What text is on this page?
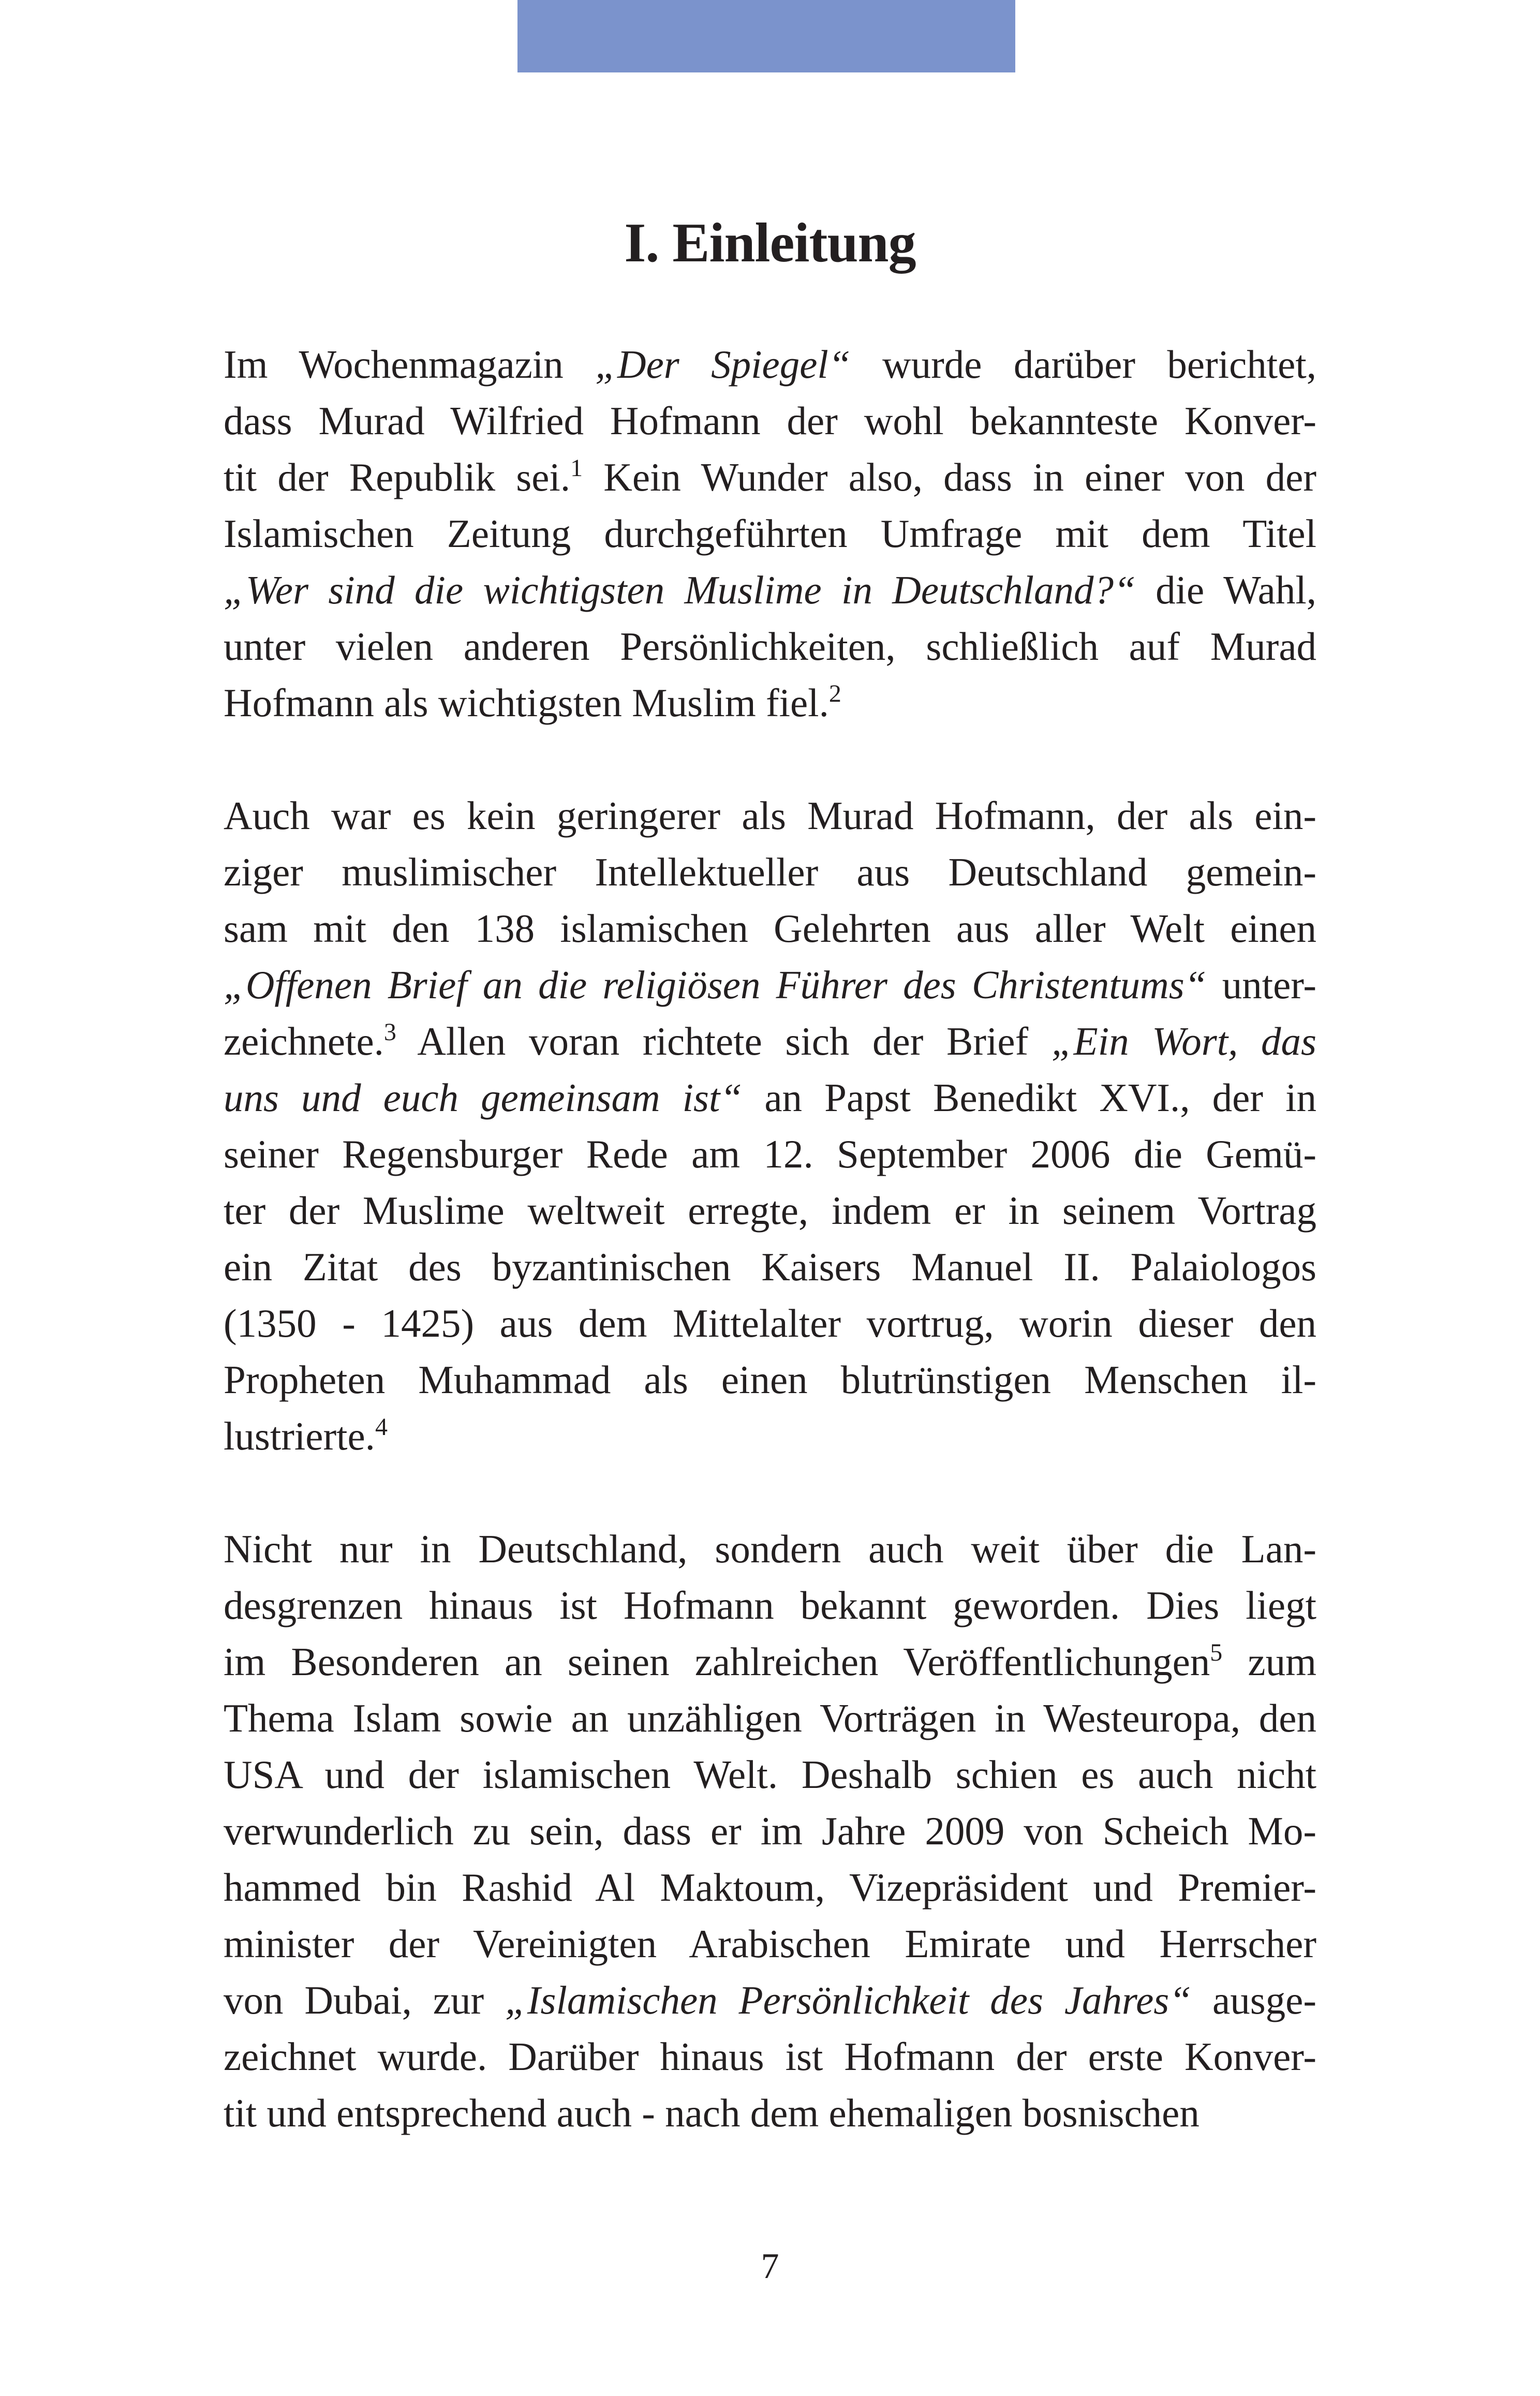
I. Einleitung

Im Wochenmagazin „Der Spiegel“ wurde darüber berichtet,
dass Murad Wilfried Hofmann der wohl bekannteste Konver-
tit der Republik sei.$^1$ Kein Wunder also, dass in einer von der
Islamischen Zeitung durchgeführten Umfrage mit dem Titel
„Wer sind die wichtigsten Muslime in Deutschland?“ die Wahl,
unter vielen anderen Persönlichkeiten, schließlich auf Murad
Hofmann als wichtigsten Muslim fiel.$^2$

Auch war es kein geringerer als Murad Hofmann, der als ein-
ziger muslimischer Intellektueller aus Deutschland gemein-
sam mit den 138 islamischen Gelehrten aus aller Welt einen
„Offenen Brief an die religiösen Führer des Christentums“ unter-
zeichnete.$^3$ Allen voran richtete sich der Brief „Ein Wort, das
uns und euch gemeinsam ist“ an Papst Benedikt XVI., der in
seiner Regensburger Rede am 12. September 2006 die Gemü-
ter der Muslime weltweit erregte, indem er in seinem Vortrag
ein Zitat des byzantinischen Kaisers Manuel II. Palaiologos
(1350 - 1425) aus dem Mittelalter vortrug, worin dieser den
Propheten Muhammad als einen blutrünstigen Menschen il-
lustrierte.$^4$

Nicht nur in Deutschland, sondern auch weit über die Lan-
desgrenzen hinaus ist Hofmann bekannt geworden. Dies liegt
im Besonderen an seinen zahlreichen Veröffentlichungen$^5$ zum
Thema Islam sowie an unzähligen Vorträgen in Westeuropa, den
USA und der islamischen Welt. Deshalb schien es auch nicht
verwunderlich zu sein, dass er im Jahre 2009 von Scheich Mo-
hammed bin Rashid Al Maktoum, Vizepräsident und Premier-
minister der Vereinigten Arabischen Emirate und Herrscher
von Dubai, zur „Islamischen Persönlichkeit des Jahres“ ausge-
zeichnet wurde. Darüber hinaus ist Hofmann der erste Konver-
tit und entsprechend auch - nach dem ehemaligen bosnischen

7
